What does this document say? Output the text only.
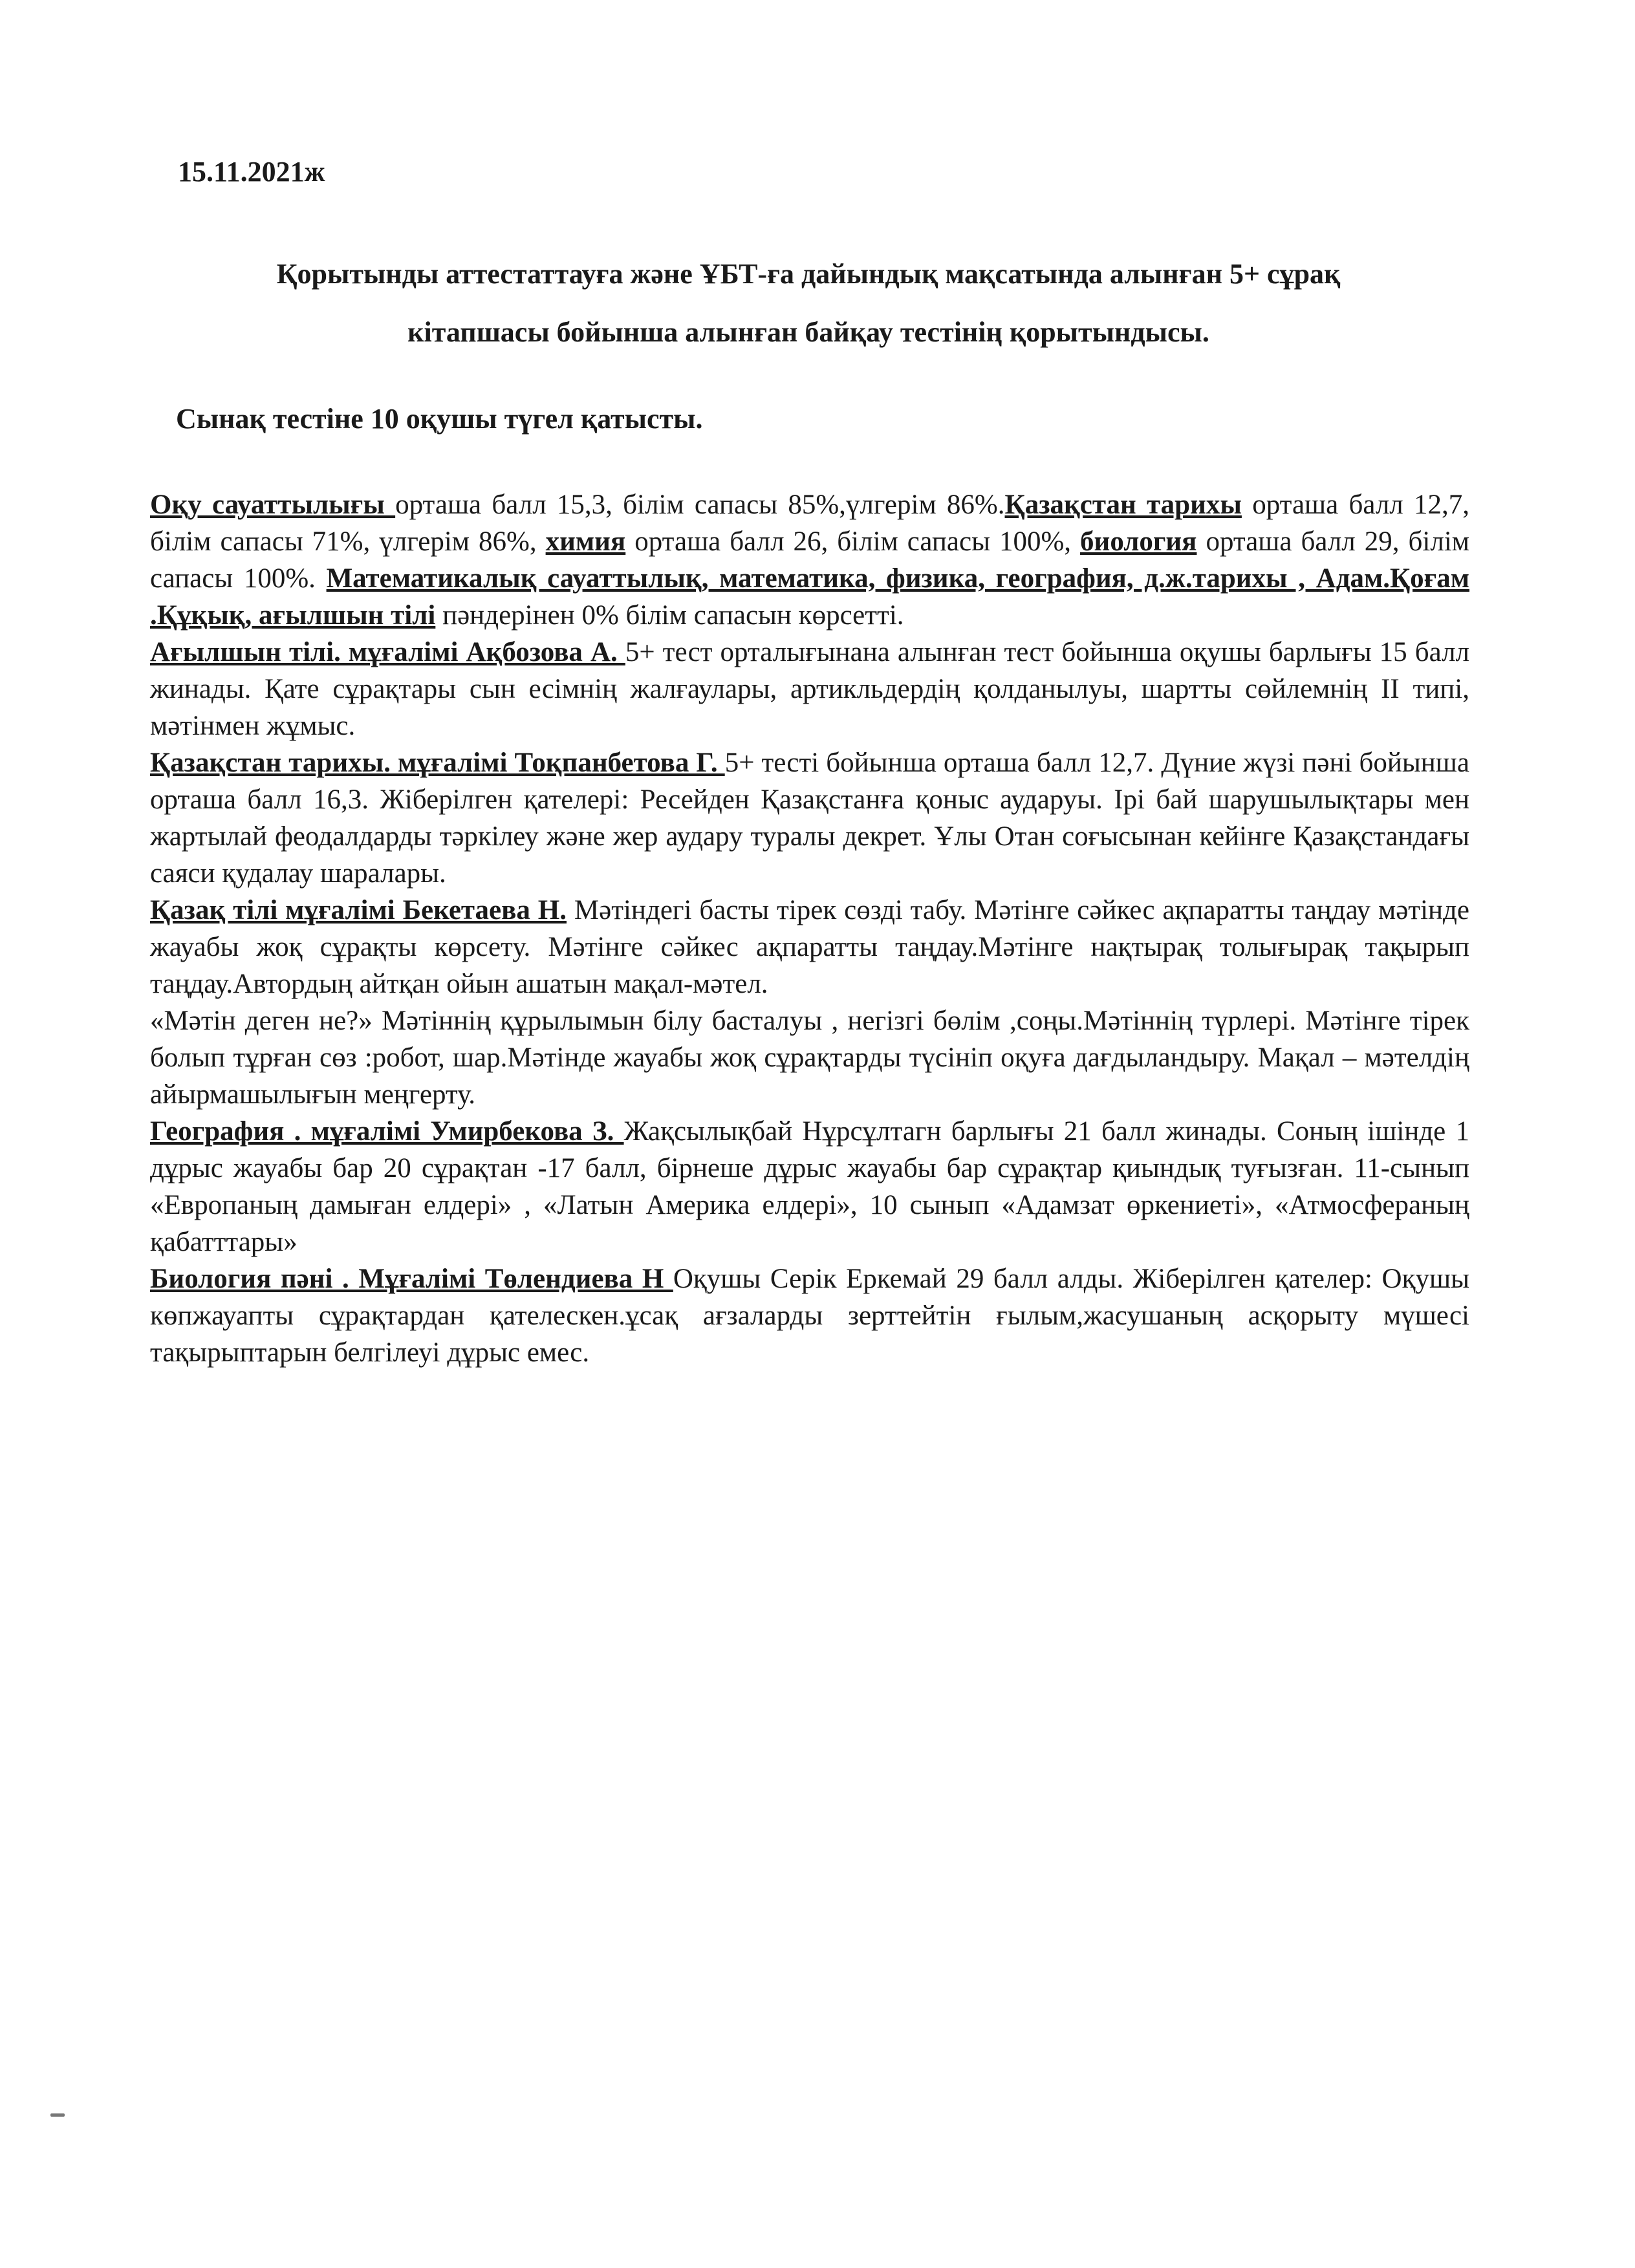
15.11.2021ж
Қорытынды аттестаттауға және ҰБТ-ға дайындық мақсатында алынған 5+ сұрақ
кітапшасы бойынша алынған байқау тестінің қорытындысы.
Сынақ тестіне 10 оқушы түгел қатысты.

Оқу сауаттылығы орташа балл 15,3, білім сапасы 85%,үлгерім 86%.Қазақстан тарихы орташа балл 12,7, білім сапасы 71%, үлгерім 86%, химия орташа балл 26, білім сапасы 100%, биология орташа балл 29, білім сапасы 100%. Математикалық сауаттылық, математика, физика, география, д.ж.тарихы , Адам.Қоғам .Құқық, ағылшын тілі пәндерінен 0% білім сапасын көрсетті.

Ағылшын тілі. мұғалімі Ақбозова А. 5+ тест орталығынана алынған тест бойынша оқушы барлығы 15 балл жинады. Қате сұрақтары сын есімнің жалғаулары, артикльдердің қолданылуы, шартты сөйлемнің ІІ типі, мәтінмен жұмыс.

Қазақстан тарихы. мұғалімі Тоқпанбетова Г. 5+ тесті бойынша орташа балл 12,7. Дүние жүзі пәні бойынша орташа балл 16,3. Жіберілген қателері: Ресейден Қазақстанға қоныс аударуы. Ірі бай шарушылықтары мен жартылай феодалдарды тәркілеу және жер аудару туралы декрет. Ұлы Отан соғысынан кейінге Қазақстандағы саяси қудалау шаралары.

Қазақ тілі мұғалімі Бекетаева Н. Мәтіндегі басты тірек сөзді табу. Мәтінге сәйкес ақпаратты таңдау мәтінде жауабы жоқ сұрақты көрсету. Мәтінге сәйкес ақпаратты таңдау.Мәтінге нақтырақ толығырақ тақырып таңдау.Автордың айтқан ойын ашатын мақал-мәтел.

«Мәтін деген не?» Мәтіннің құрылымын білу басталуы , негізгі бөлім ,соңы.Мәтіннің түрлері. Мәтінге тірек болып тұрған сөз :робот, шар.Мәтінде жауабы жоқ сұрақтарды түсініп оқуға дағдыландыру. Мақал – мәтелдің айырмашылығын меңгерту.

География . мұғалімі Умирбекова З. Жақсылықбай Нұрсұлтагн барлығы 21 балл жинады. Соның ішінде 1 дұрыс жауабы бар 20 сұрақтан -17 балл, бірнеше дұрыс жауабы бар сұрақтар қиындық туғызған. 11-сынып «Европаның дамыған елдері» , «Латын Америка елдері», 10 сынып «Адамзат өркениеті», «Атмосфераның қабатттары»

Биология пәні . Мұғалімі Төлендиева Н Оқушы Серік Еркемай 29 балл алды. Жіберілген қателер: Оқушы көпжауапты сұрақтардан қателескен.ұсақ ағзаларды зерттейтін ғылым,жасушаның асқорыту мүшесі тақырыптарын белгілеуі дұрыс емес.
